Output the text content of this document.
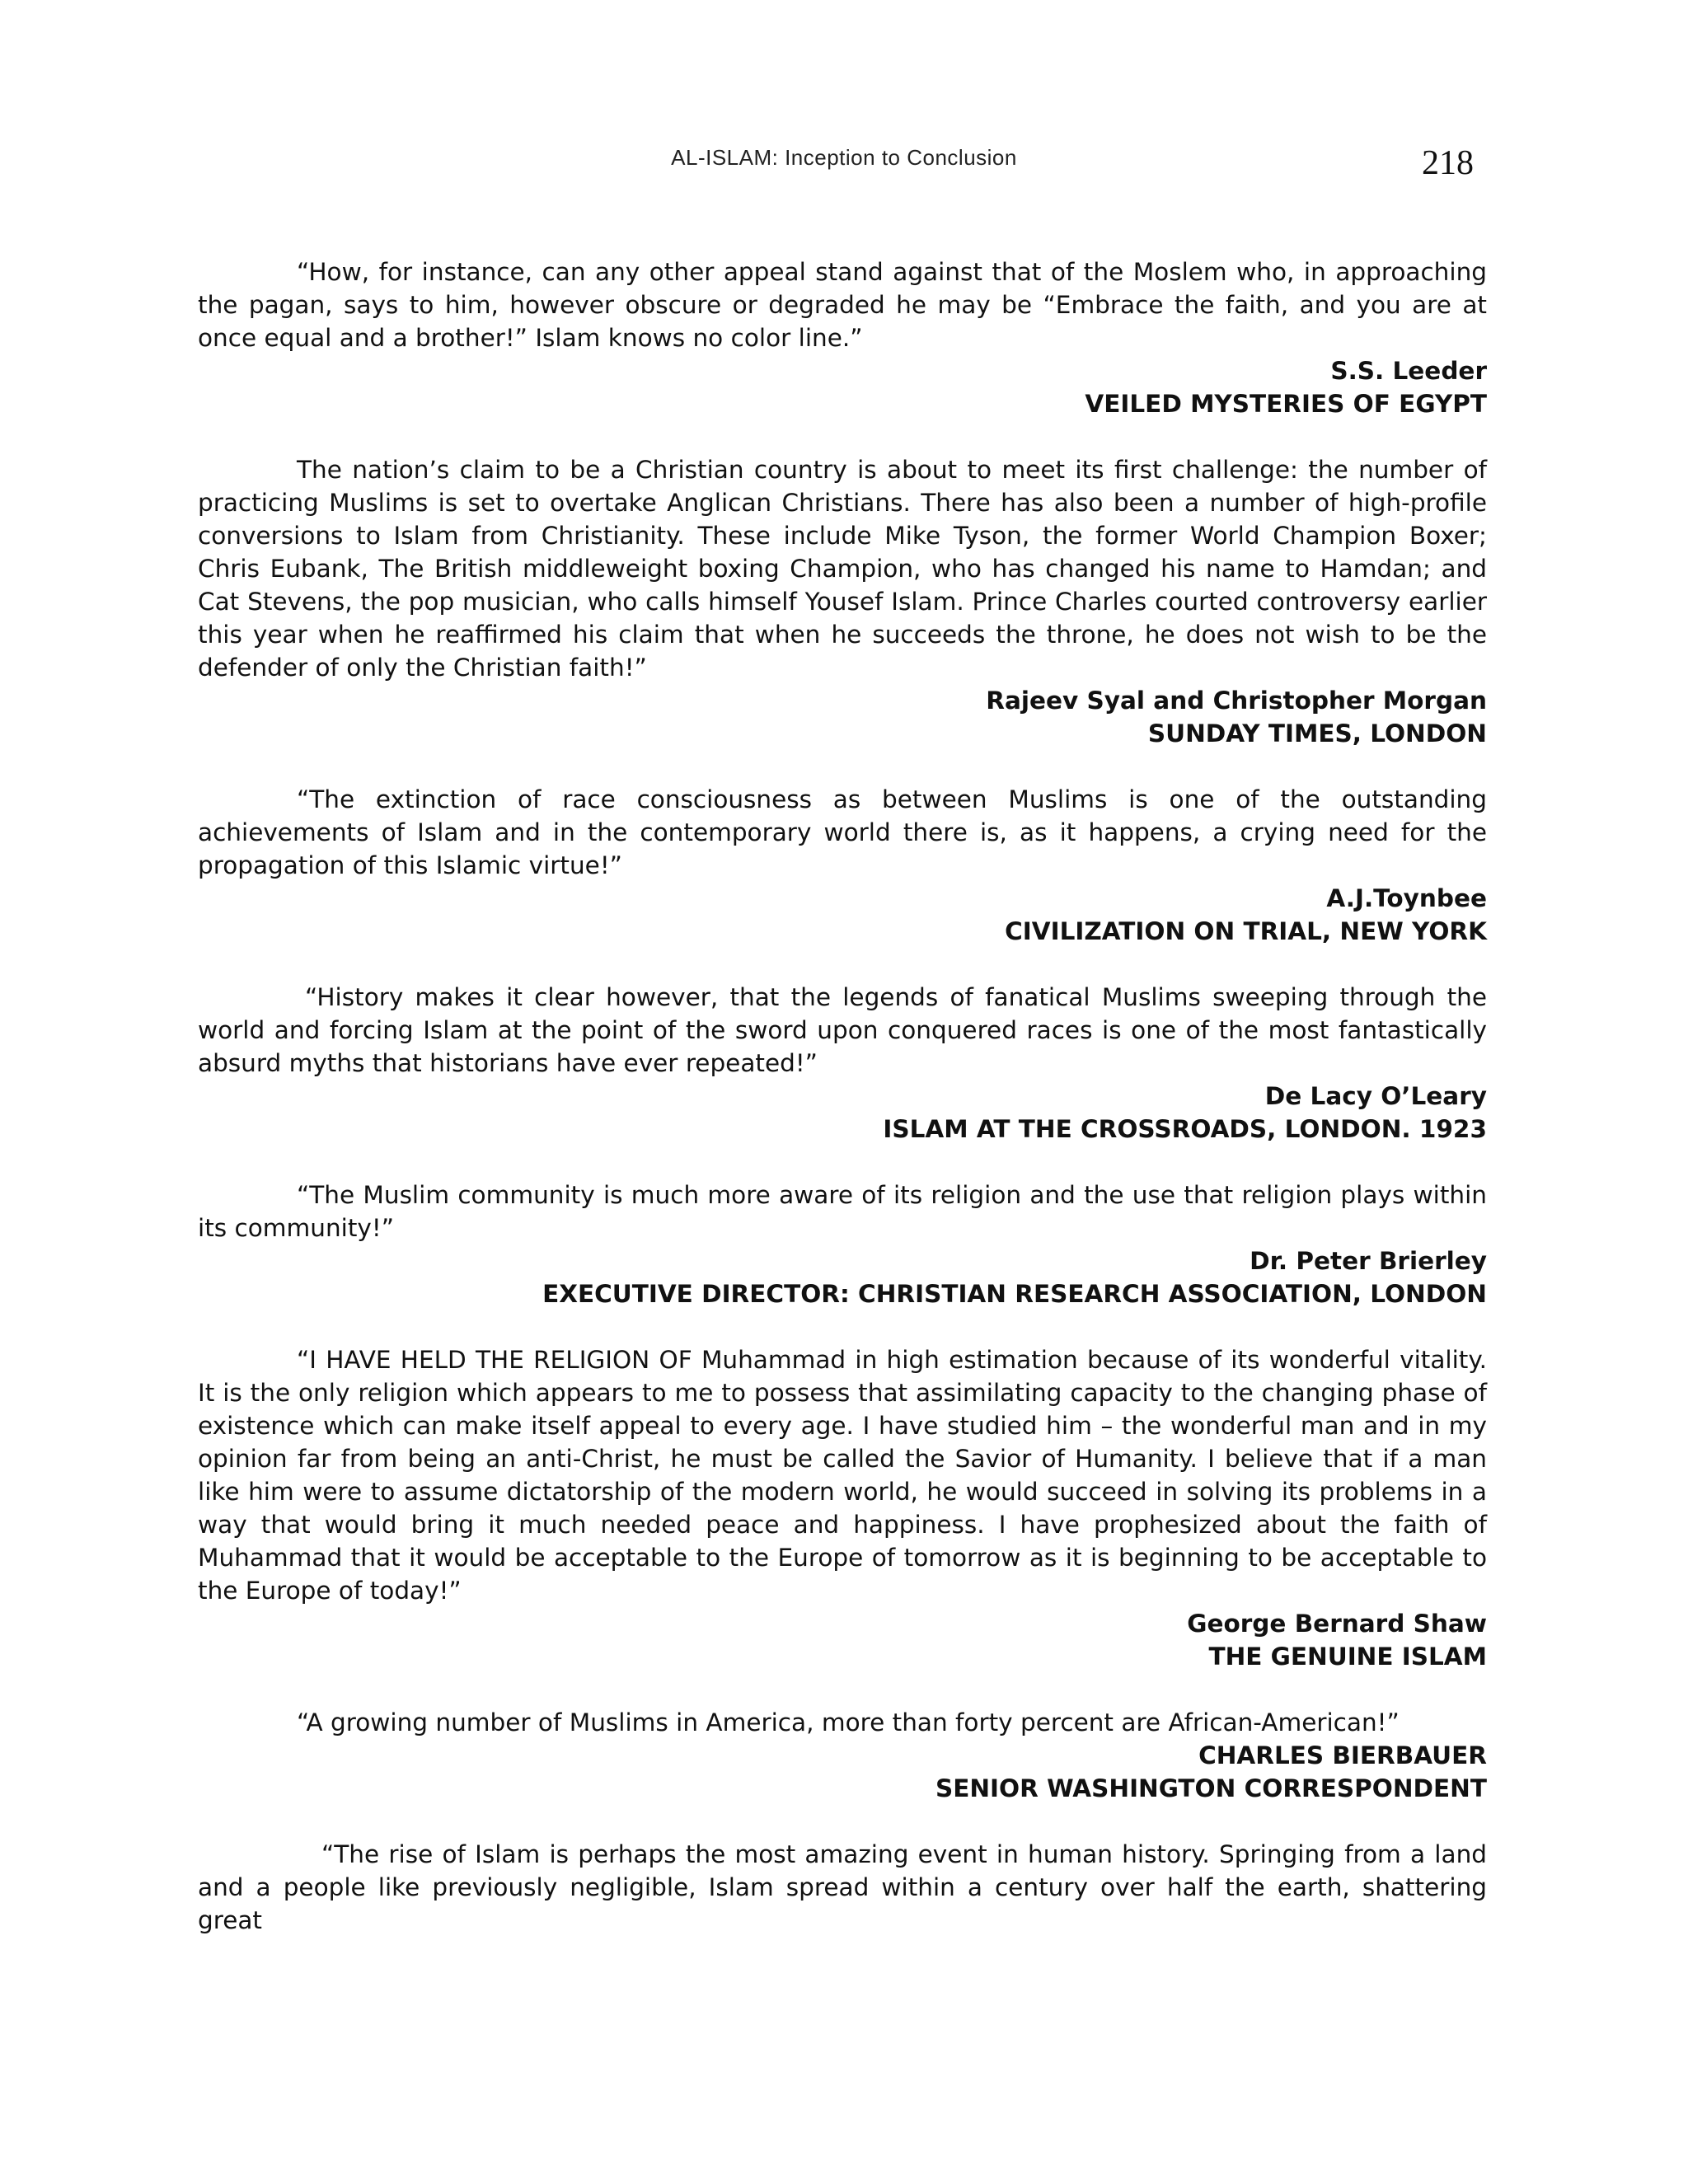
AL-ISLAM: Inception to Conclusion	218

“How, for instance, can any other appeal stand against that of the Moslem who, in approaching the pagan, says to him, however obscure or degraded he may be “Embrace the faith, and you are at once equal and a brother!” Islam knows no color line.”

S.S. Leeder

VEILED MYSTERIES OF EGYPT

The nation’s claim to be a Christian country is about to meet its first challenge: the number of practicing Muslims is set to overtake Anglican Christians. There has also been a number of high-profile conversions to Islam from Christianity. These include Mike Tyson, the former World Champion Boxer; Chris Eubank, The British middleweight boxing Champion, who has changed his name to Hamdan; and Cat Stevens, the pop musician, who calls himself Yousef Islam. Prince Charles courted controversy earlier this year when he reaffirmed his claim that when he succeeds the throne, he does not wish to be the defender of only the Christian faith!”

Rajeev Syal and Christopher Morgan

SUNDAY TIMES, LONDON

“The extinction of race consciousness as between Muslims is one of the outstanding achievements of Islam and in the contemporary world there is, as it happens, a crying need for the propagation of this Islamic virtue!”

A.J.Toynbee

CIVILIZATION ON TRIAL, NEW YORK

“History makes it clear however, that the legends of fanatical Muslims sweeping through the world and forcing Islam at the point of the sword upon conquered races is one of the most fantastically absurd myths that historians have ever repeated!”

De Lacy O’Leary

ISLAM AT THE CROSSROADS, LONDON. 1923

“The Muslim community is much more aware of its religion and the use that religion plays within its community!”

Dr. Peter Brierley

EXECUTIVE DIRECTOR: CHRISTIAN RESEARCH ASSOCIATION, LONDON

“I HAVE HELD THE RELIGION OF Muhammad in high estimation because of its wonderful vitality. It is the only religion which appears to me to possess that assimilating capacity to the changing phase of existence which can make itself appeal to every age. I have studied him – the wonderful man and in my opinion far from being an anti-Christ, he must be called the Savior of Humanity. I believe that if a man like him were to assume dictatorship of the modern world, he would succeed in solving its problems in a way that would bring it much needed peace and happiness. I have prophesized about the faith of Muhammad that it would be acceptable to the Europe of tomorrow as it is beginning to be acceptable to the Europe of today!”

George Bernard Shaw

THE GENUINE ISLAM

“A growing number of Muslims in America, more than forty percent are African-American!”

CHARLES BIERBAUER

SENIOR WASHINGTON CORRESPONDENT

“The rise of Islam is perhaps the most amazing event in human history. Springing from a land and a people like previously negligible, Islam spread within a century over half the earth, shattering great
